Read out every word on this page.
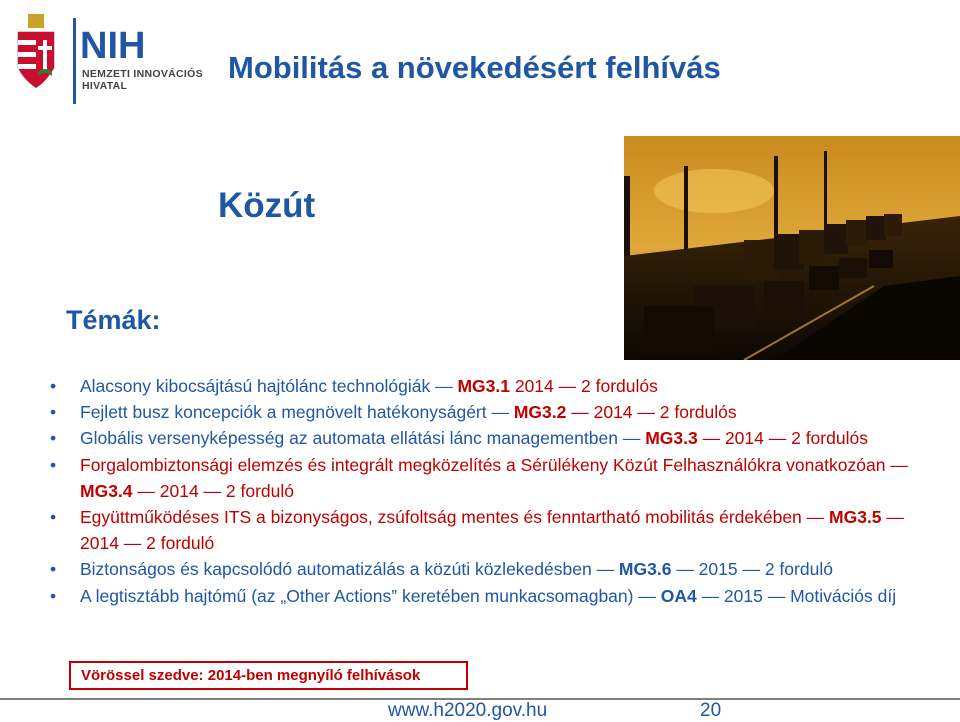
NIH
NEMZETI INNOVÁCIÓS
HIVATAL
Mobilitás a növekedésért felhívás
Közút
Témák:
• Alacsony kibocsájtású hajtólánc technológiák — MG3.1 2014 — 2 fordulós
• Fejlett busz koncepciók a megnövelt hatékonyságért — MG3.2 — 2014 — 2 fordulós
• Globális versenyképesség az automata ellátási lánc managementben — MG3.3 — 2014 — 2 fordulós
• Forgalombiztonsági elemzés és integrált megközelítés a Sérülékeny Közút Felhasználókra vonatkozóan — MG3.4 — 2014 — 2 forduló
• Együttműködéses ITS a bizonyságos, zsúfoltság mentes és fenntartható mobilitás érdekében — MG3.5 — 2014 — 2 forduló
• Biztonságos és kapcsolódó automatizálás a közúti közlekedésben — MG3.6 — 2015 — 2 forduló
• A legtisztább hajtómű (az „Other Actions” keretében munkacsomagban) — OA4 — 2015 — Motivációs díj
Vörössel szedve: 2014-ben megnyíló felhívások
www.h2020.gov.hu	20
